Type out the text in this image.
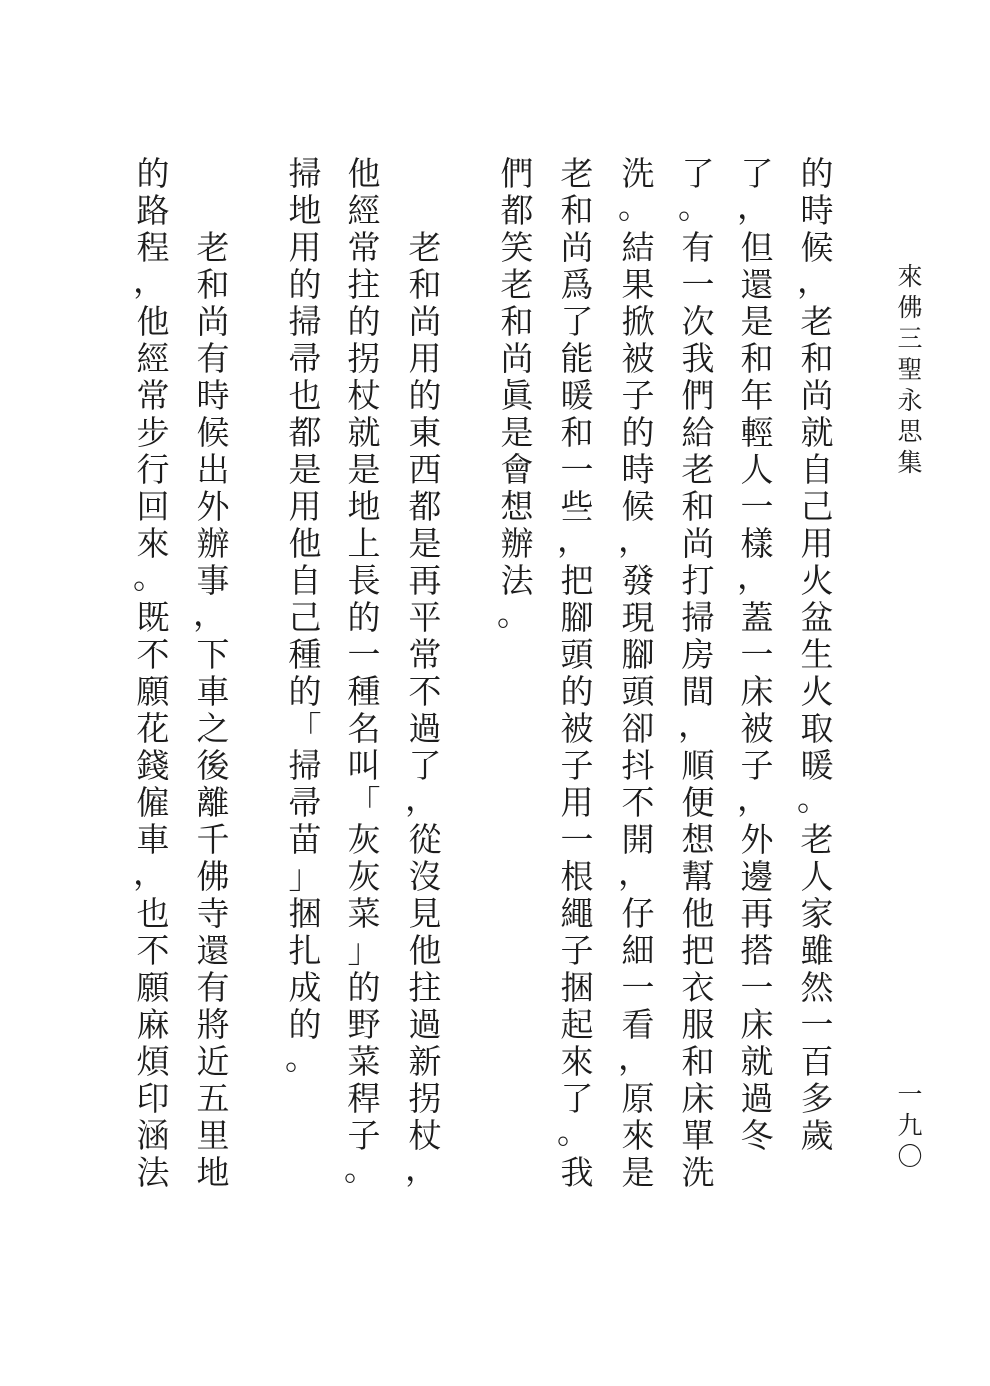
來
佛
三
聖
永
思
集
一
九
〇
的
時
候
，
老
和
尚
就
自
己
用
火
盆
生
火
取
暖
。
老
人
家
雖
然
一
百
多
歲
了
，
但
還
是
和
年
輕
人
一
樣
，
蓋
一
床
被
子
，
外
邊
再
搭
一
床
就
過
冬
了
。
有
一
次
我
們
給
老
和
尚
打
掃
房
間
，
順
便
想
幫
他
把
衣
服
和
床
單
洗
洗
。
結
果
掀
被
子
的
時
候
，
發
現
腳
頭
卻
抖
不
開
，
仔
細
一
看
，
原
來
是
老
和
尚
爲
了
能
暖
和
一
些
，
把
腳
頭
的
被
子
用
一
根
繩
子
捆
起
來
了
。
我
們
都
笑
老
和
尚
眞
是
會
想
辦
法
。

老
和
尚
用
的
東
西
都
是
再
平
常
不
過
了
，
從
沒
見
他
拄
過
新
拐
杖
，
他
經
常
拄
的
拐
杖
就
是
地
上
長
的
一
種
名
叫
「
灰
灰
菜
」
的
野
菜
稈
子
。
掃
地
用
的
掃
帚
也
都
是
用
他
自
己
種
的
「
掃
帚
苗
」
捆
扎
成
的
。

老
和
尚
有
時
候
出
外
辦
事
，
下
車
之
後
離
千
佛
寺
還
有
將
近
五
里
地
的
路
程
，
他
經
常
步
行
回
來
。
既
不
願
花
錢
僱
車
，
也
不
願
麻
煩
印
涵
法
